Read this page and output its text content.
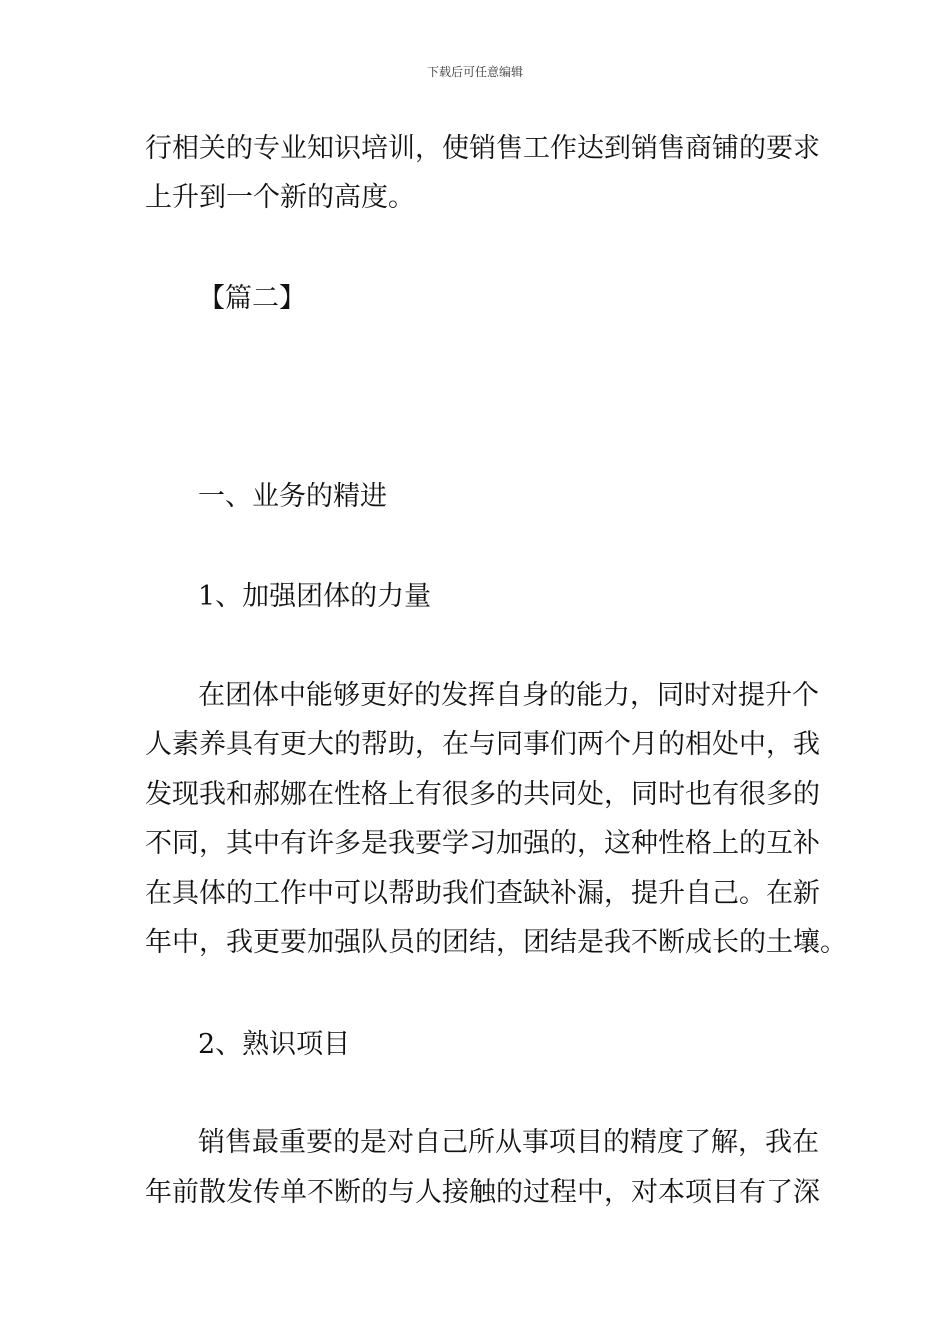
下载后可任意编辑
行相关的专业知识培训，使销售工作达到销售商铺的要求
上升到一个新的高度。
【篇二】
一、业务的精进
1、加强团体的力量
在团体中能够更好的发挥自身的能力，同时对提升个
人素养具有更大的帮助，在与同事们两个月的相处中，我
发现我和郝娜在性格上有很多的共同处，同时也有很多的
不同，其中有许多是我要学习加强的，这种性格上的互补
在具体的工作中可以帮助我们查缺补漏，提升自己。在新
年中，我更要加强队员的团结，团结是我不断成长的土壤。
2、熟识项目
销售最重要的是对自己所从事项目的精度了解，我在
年前散发传单不断的与人接触的过程中，对本项目有了深
